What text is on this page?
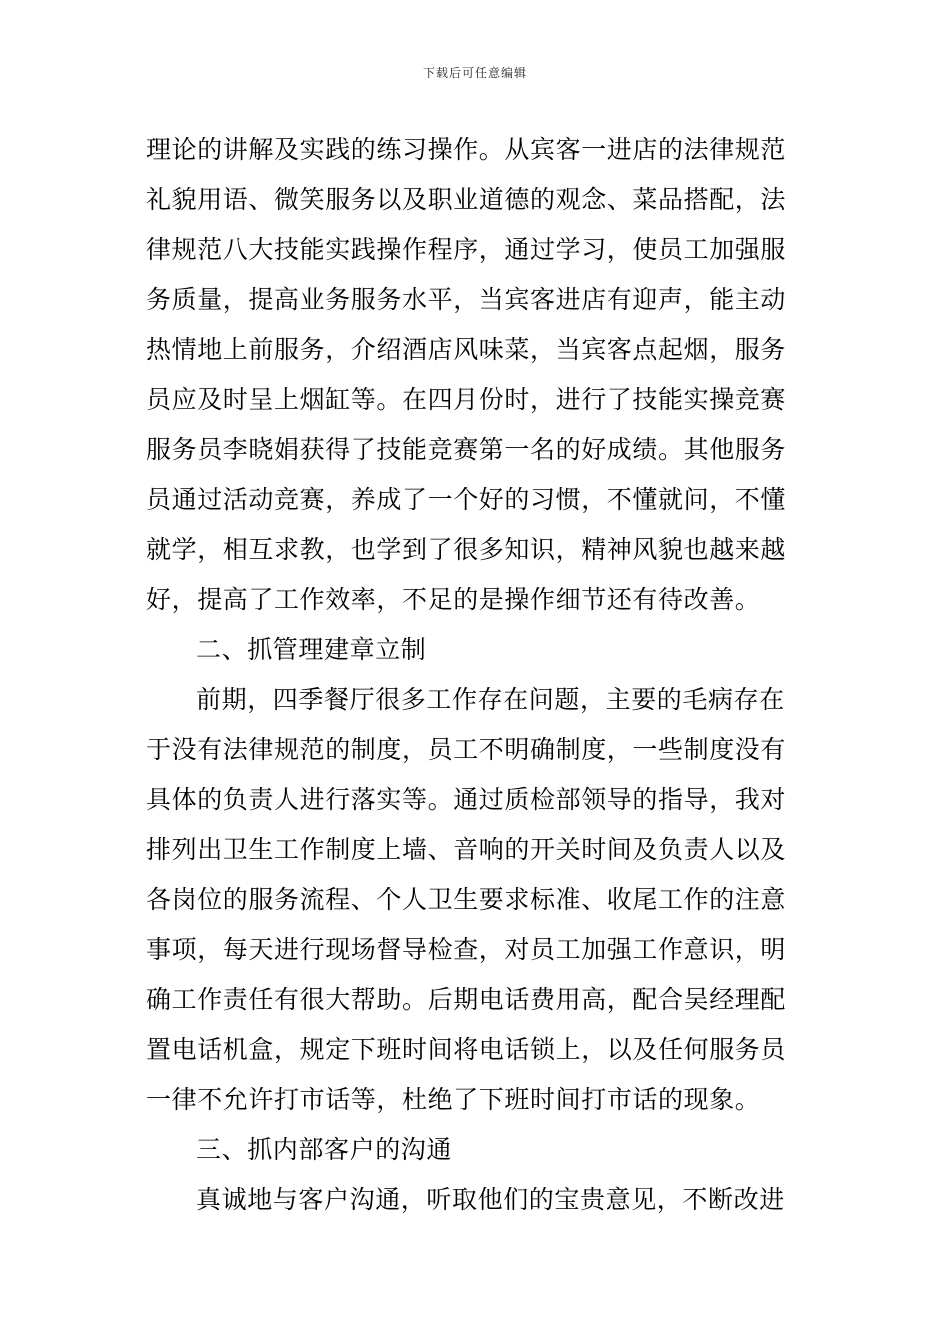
下载后可任意编辑
理论的讲解及实践的练习操作。从宾客一进店的法律规范
礼貌用语、微笑服务以及职业道德的观念、菜品搭配，法
律规范八大技能实践操作程序，通过学习，使员工加强服
务质量，提高业务服务水平，当宾客进店有迎声，能主动
热情地上前服务，介绍酒店风味菜，当宾客点起烟，服务
员应及时呈上烟缸等。在四月份时，进行了技能实操竞赛
服务员李晓娟获得了技能竞赛第一名的好成绩。其他服务
员通过活动竞赛，养成了一个好的习惯，不懂就问，不懂
就学，相互求教，也学到了很多知识，精神风貌也越来越
好，提高了工作效率，不足的是操作细节还有待改善。
二、抓管理建章立制
前期，四季餐厅很多工作存在问题，主要的毛病存在
于没有法律规范的制度，员工不明确制度，一些制度没有
具体的负责人进行落实等。通过质检部领导的指导，我对
排列出卫生工作制度上墙、音响的开关时间及负责人以及
各岗位的服务流程、个人卫生要求标准、收尾工作的注意
事项，每天进行现场督导检查，对员工加强工作意识，明
确工作责任有很大帮助。后期电话费用高，配合吴经理配
置电话机盒，规定下班时间将电话锁上，以及任何服务员
一律不允许打市话等，杜绝了下班时间打市话的现象。
三、抓内部客户的沟通
真诚地与客户沟通，听取他们的宝贵意见，不断改进
